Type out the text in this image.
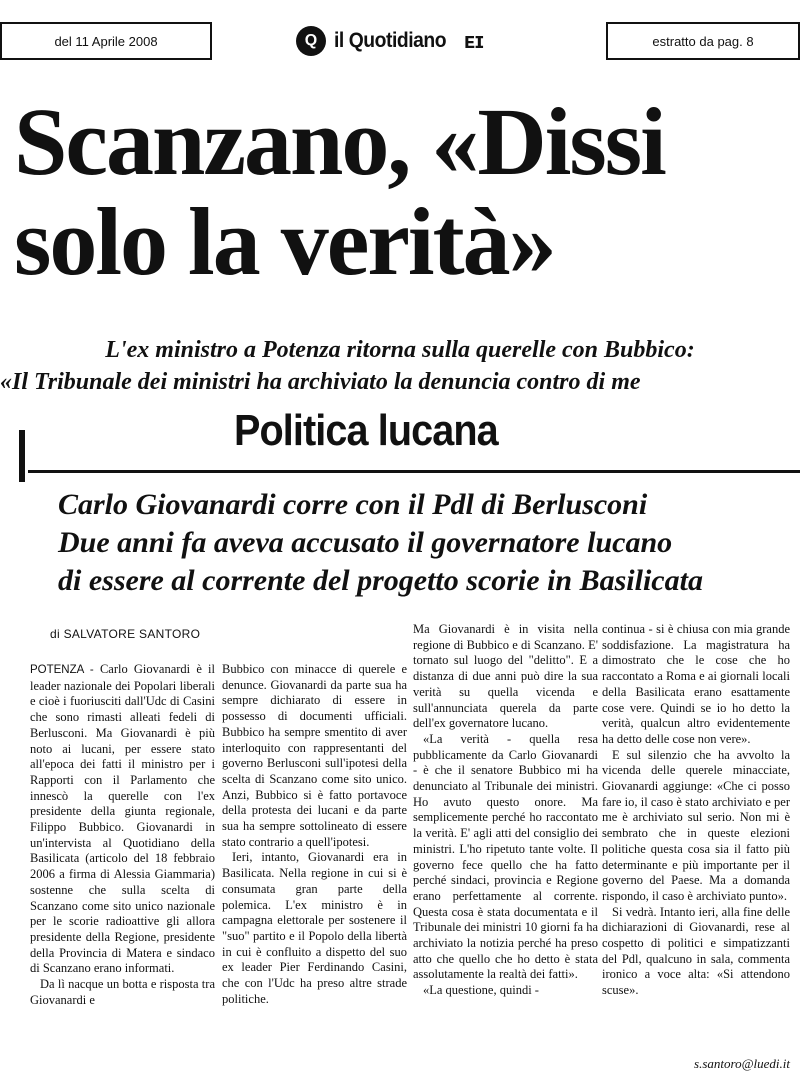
del 11 Aprile 2008	Q il Quotidiano ᴇɪ	estratto da pag. 8
Scanzano, «Dissi
solo la verità»

L'ex ministro a Potenza ritorna sulla querelle con Bubbico:

«Il Tribunale dei ministri ha archiviato la denuncia contro di me

Politica lucana
Carlo Giovanardi corre con il Pdl di Berlusconi
Due anni fa aveva accusato il governatore lucano
di essere al corrente del progetto scorie in Basilicata
di SALVATORE SANTORO

POTENZA - Carlo Giovanardi è il leader nazionale dei Popolari liberali e cioè i fuoriusciti dall'Udc di Casini che sono rimasti alleati fedeli di Berlusconi. Ma Giovanardi è più noto ai lucani, per essere stato all'epoca dei fatti il ministro per i Rapporti con il Parlamento che innescò la querelle con l'ex presidente della giunta regionale, Filippo Bubbico. Giovanardi in un'intervista al Quotidiano della Basilicata (articolo del 18 febbraio 2006 a firma di Alessia Giammaria) sostenne che sulla scelta di Scanzano come sito unico nazionale per le scorie radioattive gli allora presidente della Regione, presidente della Provincia di Matera e sindaco di Scanzano erano informati.

Da lì nacque un botta e risposta tra Giovanardi e

Bubbico con minacce di querele e denunce. Giovanardi da parte sua ha sempre dichiarato di essere in possesso di documenti ufficiali. Bubbico ha sempre smentito di aver interloquito con rappresentanti del governo Berlusconi sull'ipotesi della scelta di Scanzano come sito unico. Anzi, Bubbico si è fatto portavoce della protesta dei lucani e da parte sua ha sempre sottolineato di essere stato contrario a quell'ipotesi.

Ieri, intanto, Giovanardi era in Basilicata. Nella regione in cui si è consumata gran parte della polemica. L'ex ministro è in campagna elettorale per sostenere il "suo" partito e il Popolo della libertà in cui è confluito a dispetto del suo ex leader Pier Ferdinando Casini, che con l'Udc ha preso altre strade politiche.

Ma Giovanardi è in visita nella regione di Bubbico e di Scanzano. E' tornato sul luogo del "delitto". E a distanza di due anni può dire la sua verità su quella vicenda e sull'annunciata querela da parte dell'ex governatore lucano.

«La verità - quella resa pubblicamente da Carlo Giovanardi - è che il senatore Bubbico mi ha denunciato al Tribunale dei ministri. Ho avuto questo onore. Ma semplicemente perché ho raccontato la verità. E' agli atti del consiglio dei ministri. L'ho ripetuto tante volte. Il governo fece quello che ha fatto perché sindaci, provincia e Regione erano perfettamente al corrente. Questa cosa è stata documentata e il Tribunale dei ministri 10 giorni fa ha archiviato la notizia perché ha preso atto che quello che ho detto è stata assolutamente la realtà dei fatti».

«La questione, quindi -

continua - si è chiusa con mia grande soddisfazione. La magistratura ha dimostrato che le cose che ho raccontato a Roma e ai giornali locali della Basilicata erano esattamente cose vere. Quindi se io ho detto la verità, qualcun altro evidentemente ha detto delle cose non vere».

E sul silenzio che ha avvolto la vicenda delle querele minacciate, Giovanardi aggiunge: «Che ci posso fare io, il caso è stato archiviato e per me è archiviato sul serio. Non mi è sembrato che in queste elezioni politiche questa cosa sia il fatto più determinante e più importante per il governo del Paese. Ma a domanda rispondo, il caso è archiviato punto».

Si vedrà. Intanto ieri, alla fine delle dichiarazioni di Giovanardi, rese al cospetto di politici e simpatizzanti del Pdl, qualcuno in sala, commenta ironico a voce alta: «Si attendono scuse».

s.santoro@luedi.it
